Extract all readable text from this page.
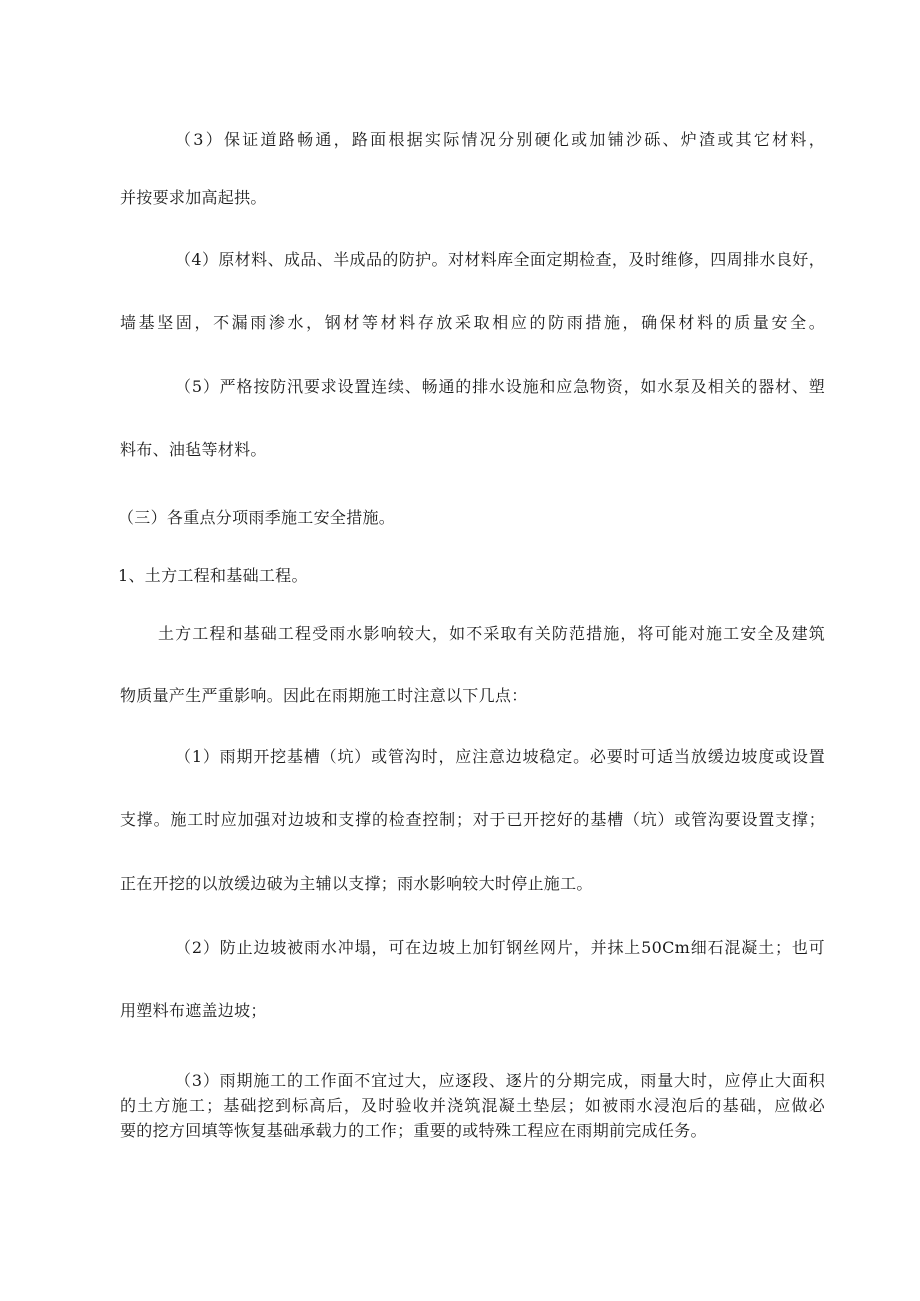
（3）保证道路畅通，路面根据实际情况分别硬化或加铺沙砾、炉渣或其它材料，
并按要求加高起拱。
（4）原材料、成品、半成品的防护。对材料库全面定期检查，及时维修，四周排水良好，
墙基坚固，不漏雨渗水，钢材等材料存放采取相应的防雨措施，确保材料的质量安全。
（5）严格按防汛要求设置连续、畅通的排水设施和应急物资，如水泵及相关的器材、塑
料布、油毡等材料。
（三）各重点分项雨季施工安全措施。
1、土方工程和基础工程。
土方工程和基础工程受雨水影响较大，如不采取有关防范措施，将可能对施工安全及建筑
物质量产生严重影响。因此在雨期施工时注意以下几点：
（1）雨期开挖基槽（坑）或管沟时，应注意边坡稳定。必要时可适当放缓边坡度或设置
支撑。施工时应加强对边坡和支撑的检查控制；对于已开挖好的基槽（坑）或管沟要设置支撑；
正在开挖的以放缓边破为主辅以支撑；雨水影响较大时停止施工。
（2）防止边坡被雨水冲塌，可在边坡上加钉钢丝网片，并抹上50Cm细石混凝土；也可
用塑料布遮盖边坡；
（3）雨期施工的工作面不宜过大，应逐段、逐片的分期完成，雨量大时，应停止大面积
的土方施工；基础挖到标高后，及时验收并浇筑混凝土垫层；如被雨水浸泡后的基础，应做必
要的挖方回填等恢复基础承载力的工作；重要的或特殊工程应在雨期前完成任务。
